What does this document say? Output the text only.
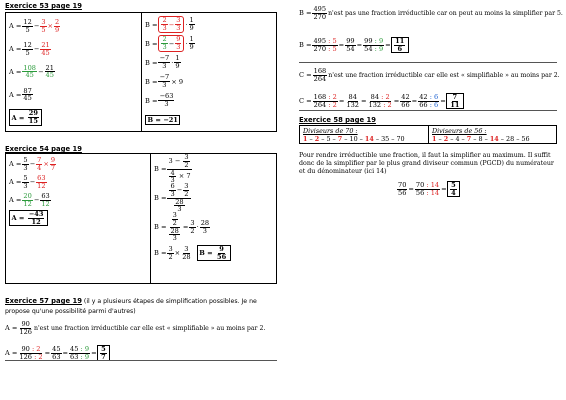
Exercice 53 page 19
$A = \frac{12}{5} - \frac{3}{5} \times \frac{2}{9}$
$A = \frac{12}{5} - \frac{21}{45}$
$A = \frac{108}{45} - \frac{21}{45}$
$A = \frac{87}{45}$
A =
$\frac{29}{15}$
$B = \frac{2}{3} - \frac{3}{3} \cdot \frac{1}{9}$
$B = \frac{2}{3} - \frac{9}{3} \cdot \frac{1}{9}$
$B = \frac{-7}{3} \cdot \frac{1}{9}$
$B = \frac{-7}{3} \times 9$
$B = \frac{-63}{3}$
B = −21
Exercice 54 page 19
$A = \frac{5}{3} - \frac{7}{4} \times \frac{9}{7}$
$A = \frac{5}{3} - \frac{63}{12}$
$A = \frac{20}{12} - \frac{63}{12}$
A =
$\frac{-43}{12}$
$B = 3 - \frac{3}{2}$
$\frac{4}{3}$
× 7
$B = \frac{\frac{6}{3} - \frac{3}{2}}{\frac{28}{3}}$
$B = \frac{\frac{3}{2}}{\frac{28}{3}} = \frac{3}{2} \cdot \frac{28}{3}$
$B = \frac{3}{2} \times \frac{3}{28}$
B =
$\frac{9}{56}$
Exercice 57 page 19 (il y a plusieurs étapes de simplification possibles. Je ne propose qu'une possibilité parmi d'autres)
$A = \frac{90}{126} n'est$ une fraction irréductible car elle est « simplifiable » au moins par 2.
$A = \frac{90 : 2}{126 : 2} = \frac{45}{63} = \frac{45 : 9}{63 : 9} = \frac{5}{7}$
$B = \frac{495}{270} n'est$ pas une fraction irréductible car on peut au moins la simplifier par 5.
$B = \frac{495 : 5}{270 : 5} = \frac{99}{54} = \frac{99 : 9}{54 : 9} = \frac{11}{6}$
$C = \frac{168}{264} n'est$ une fraction irréductible car elle est « simplifiable » au moins par 2.
$C = \frac{168 : 2}{264 : 2} = \frac{84}{132} = \frac{84 : 2}{132 : 2} = \frac{42}{66} = \frac{42 : 6}{66 : 6} = \frac{7}{11}$
Exercice 58 page 19
Diviseurs de 70 :
1 – 2 – 5 – 7 – 10 – 14 – 35 – 70
Diviseurs de 56 :
1 – 2 – 4 – 7 – 8 – 14 – 28 – 56

Pour rendre irréductible une fraction, il faut la simplifier au maximum. Il suffit donc de la simplifier par le plus grand diviseur commun (PGCD) du numérateur et du dénominateur (ici 14)

$\frac{70}{56} = \frac{70 : 14}{56 : 14} = \frac{5}{4}$
